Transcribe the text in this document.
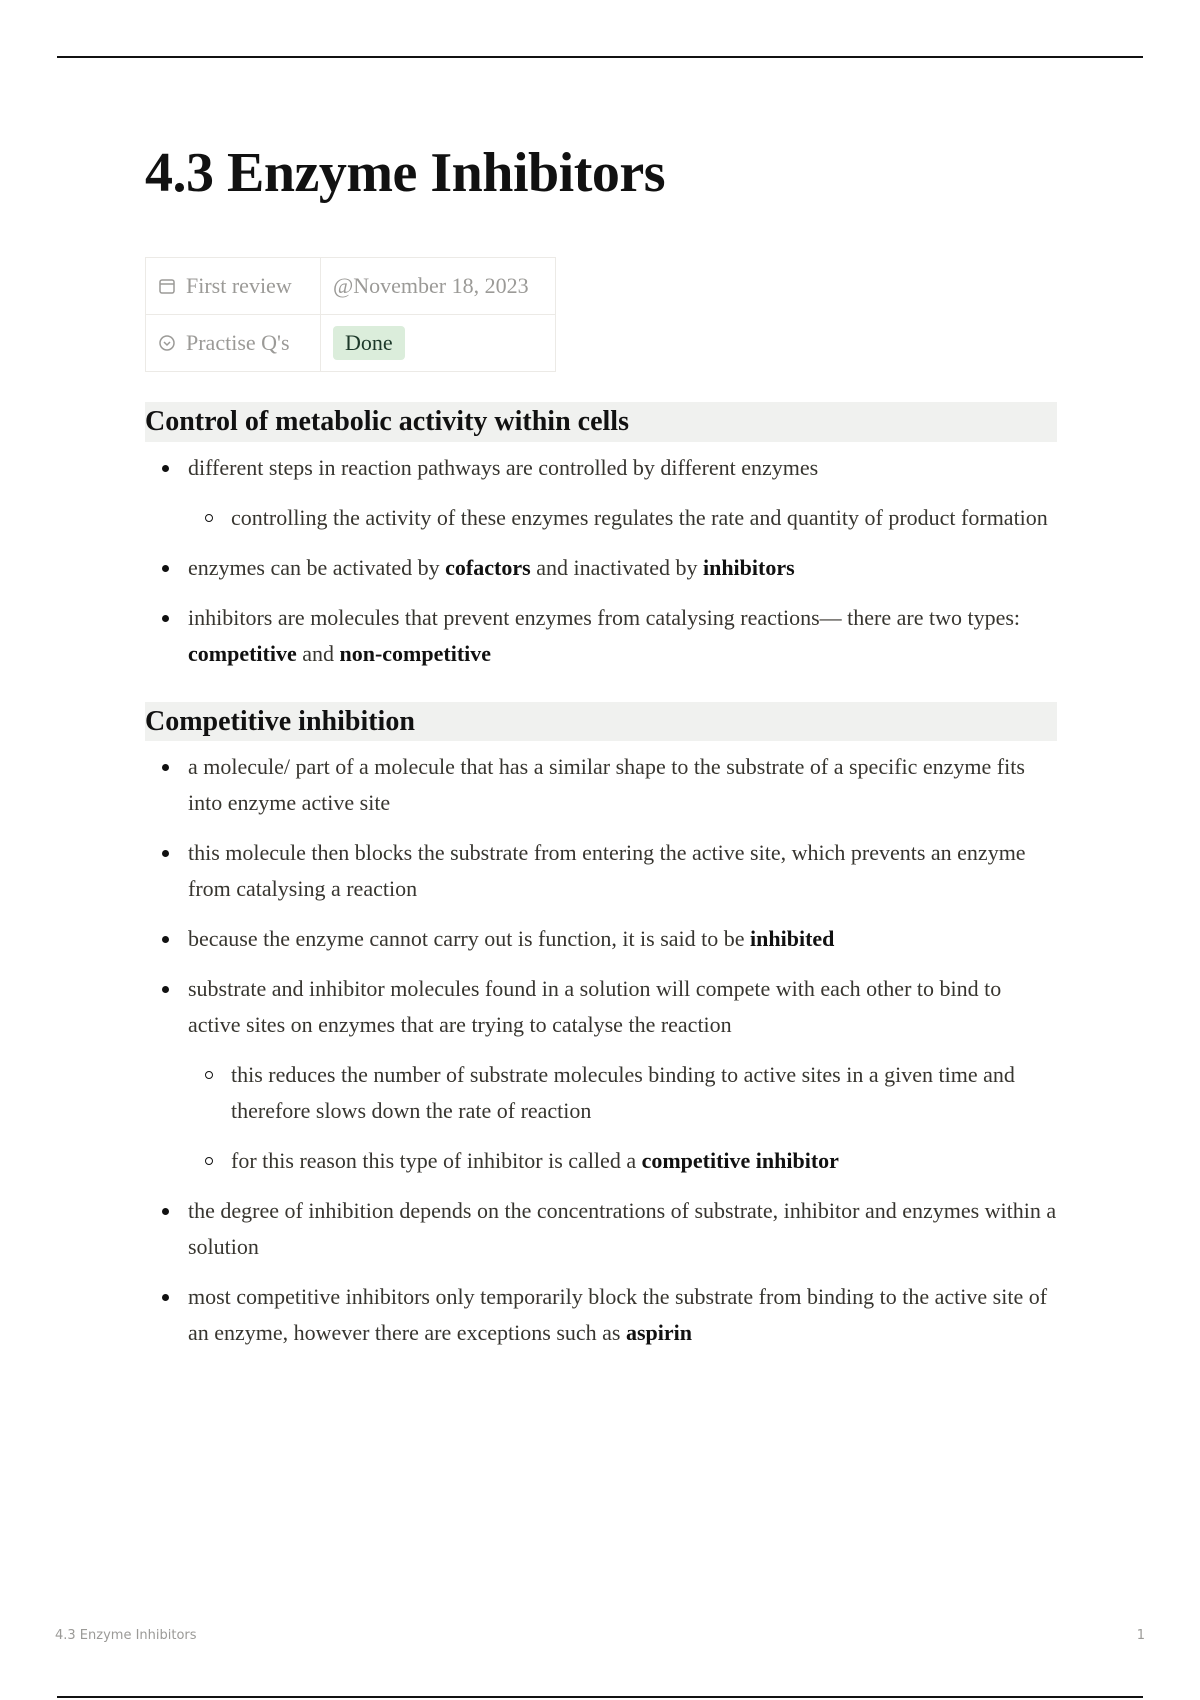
4.3 Enzyme Inhibitors
First review	@November 18, 2023
Practise Q's	Done
Control of metabolic activity within cells
different steps in reaction pathways are controlled by different enzymes
controlling the activity of these enzymes regulates the rate and quantity of product formation
enzymes can be activated by cofactors and inactivated by inhibitors
inhibitors are molecules that prevent enzymes from catalysing reactions— there are two types: competitive and non-competitive
Competitive inhibition
a molecule/ part of a molecule that has a similar shape to the substrate of a specific enzyme fits into enzyme active site
this molecule then blocks the substrate from entering the active site, which prevents an enzyme from catalysing a reaction
because the enzyme cannot carry out is function, it is said to be inhibited
substrate and inhibitor molecules found in a solution will compete with each other to bind to active sites on enzymes that are trying to catalyse the reaction
this reduces the number of substrate molecules binding to active sites in a given time and therefore slows down the rate of reaction
for this reason this type of inhibitor is called a competitive inhibitor
the degree of inhibition depends on the concentrations of substrate, inhibitor and enzymes within a solution
most competitive inhibitors only temporarily block the substrate from binding to the active site of an enzyme, however there are exceptions such as aspirin
4.3 Enzyme Inhibitors	1
